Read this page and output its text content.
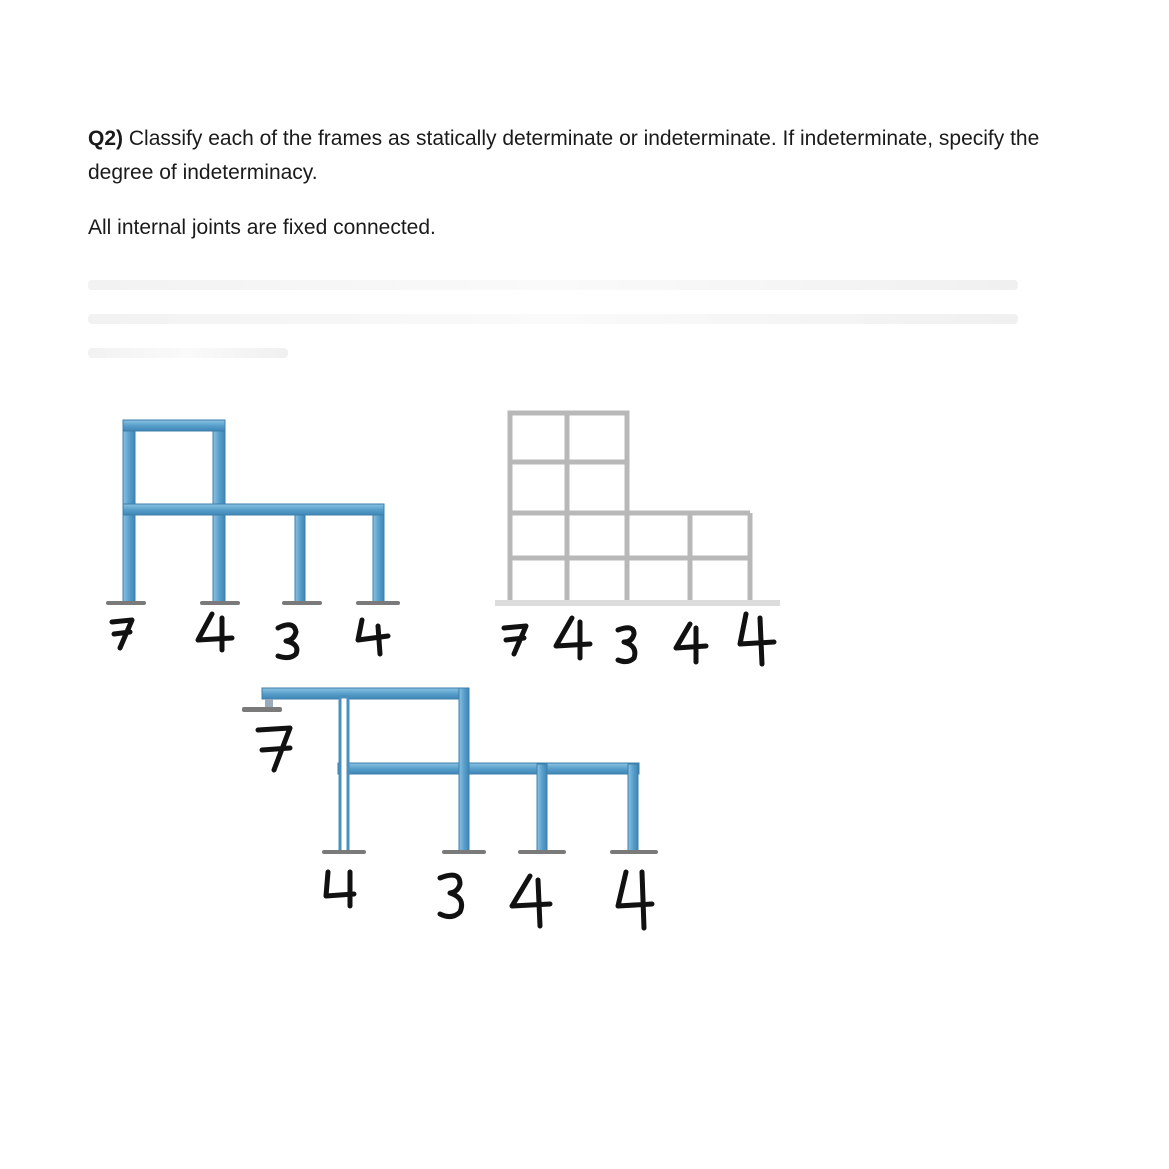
Q2) Classify each of the frames as statically determinate or indeterminate. If indeterminate, specify the degree of indeterminacy.
All internal joints are fixed connected.
